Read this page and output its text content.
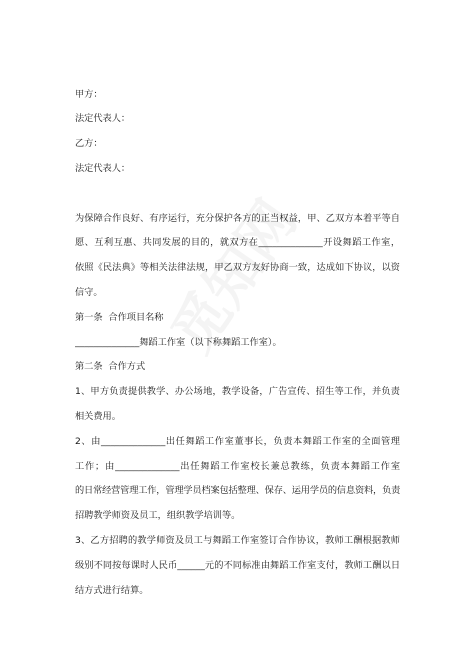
甲方：
法定代表人：
乙方：
法定代表人：
为保障合作良好、有序运行，充分保护各方的正当权益，甲、乙双方本着平等自
愿、互利互惠、共同发展的目的，就双方在______________开设舞蹈工作室，
依照《民法典》等相关法律法规，甲乙双方友好协商一致，达成如下协议，以资
信守。
第一条  合作项目名称
______________舞蹈工作室（以下称舞蹈工作室）。
第二条  合作方式
1、甲方负责提供教学、办公场地，教学设备，广告宣传、招生等工作，并负责
相关费用。
2、由______________出任舞蹈工作室董事长，负责本舞蹈工作室的全面管理
工作；由______________出任舞蹈工作室校长兼总教练，负责本舞蹈工作室
的日常经营管理工作，管理学员档案包括整理、保存、运用学员的信息资料，负责
招聘教学师资及员工，组织教学培训等。
3、乙方招聘的教学师资及员工与舞蹈工作室签订合作协议，教师工酬根据教师
级别不同按每课时人民币______元的不同标准由舞蹈工作室支付，教师工酬以日
结方式进行结算。
